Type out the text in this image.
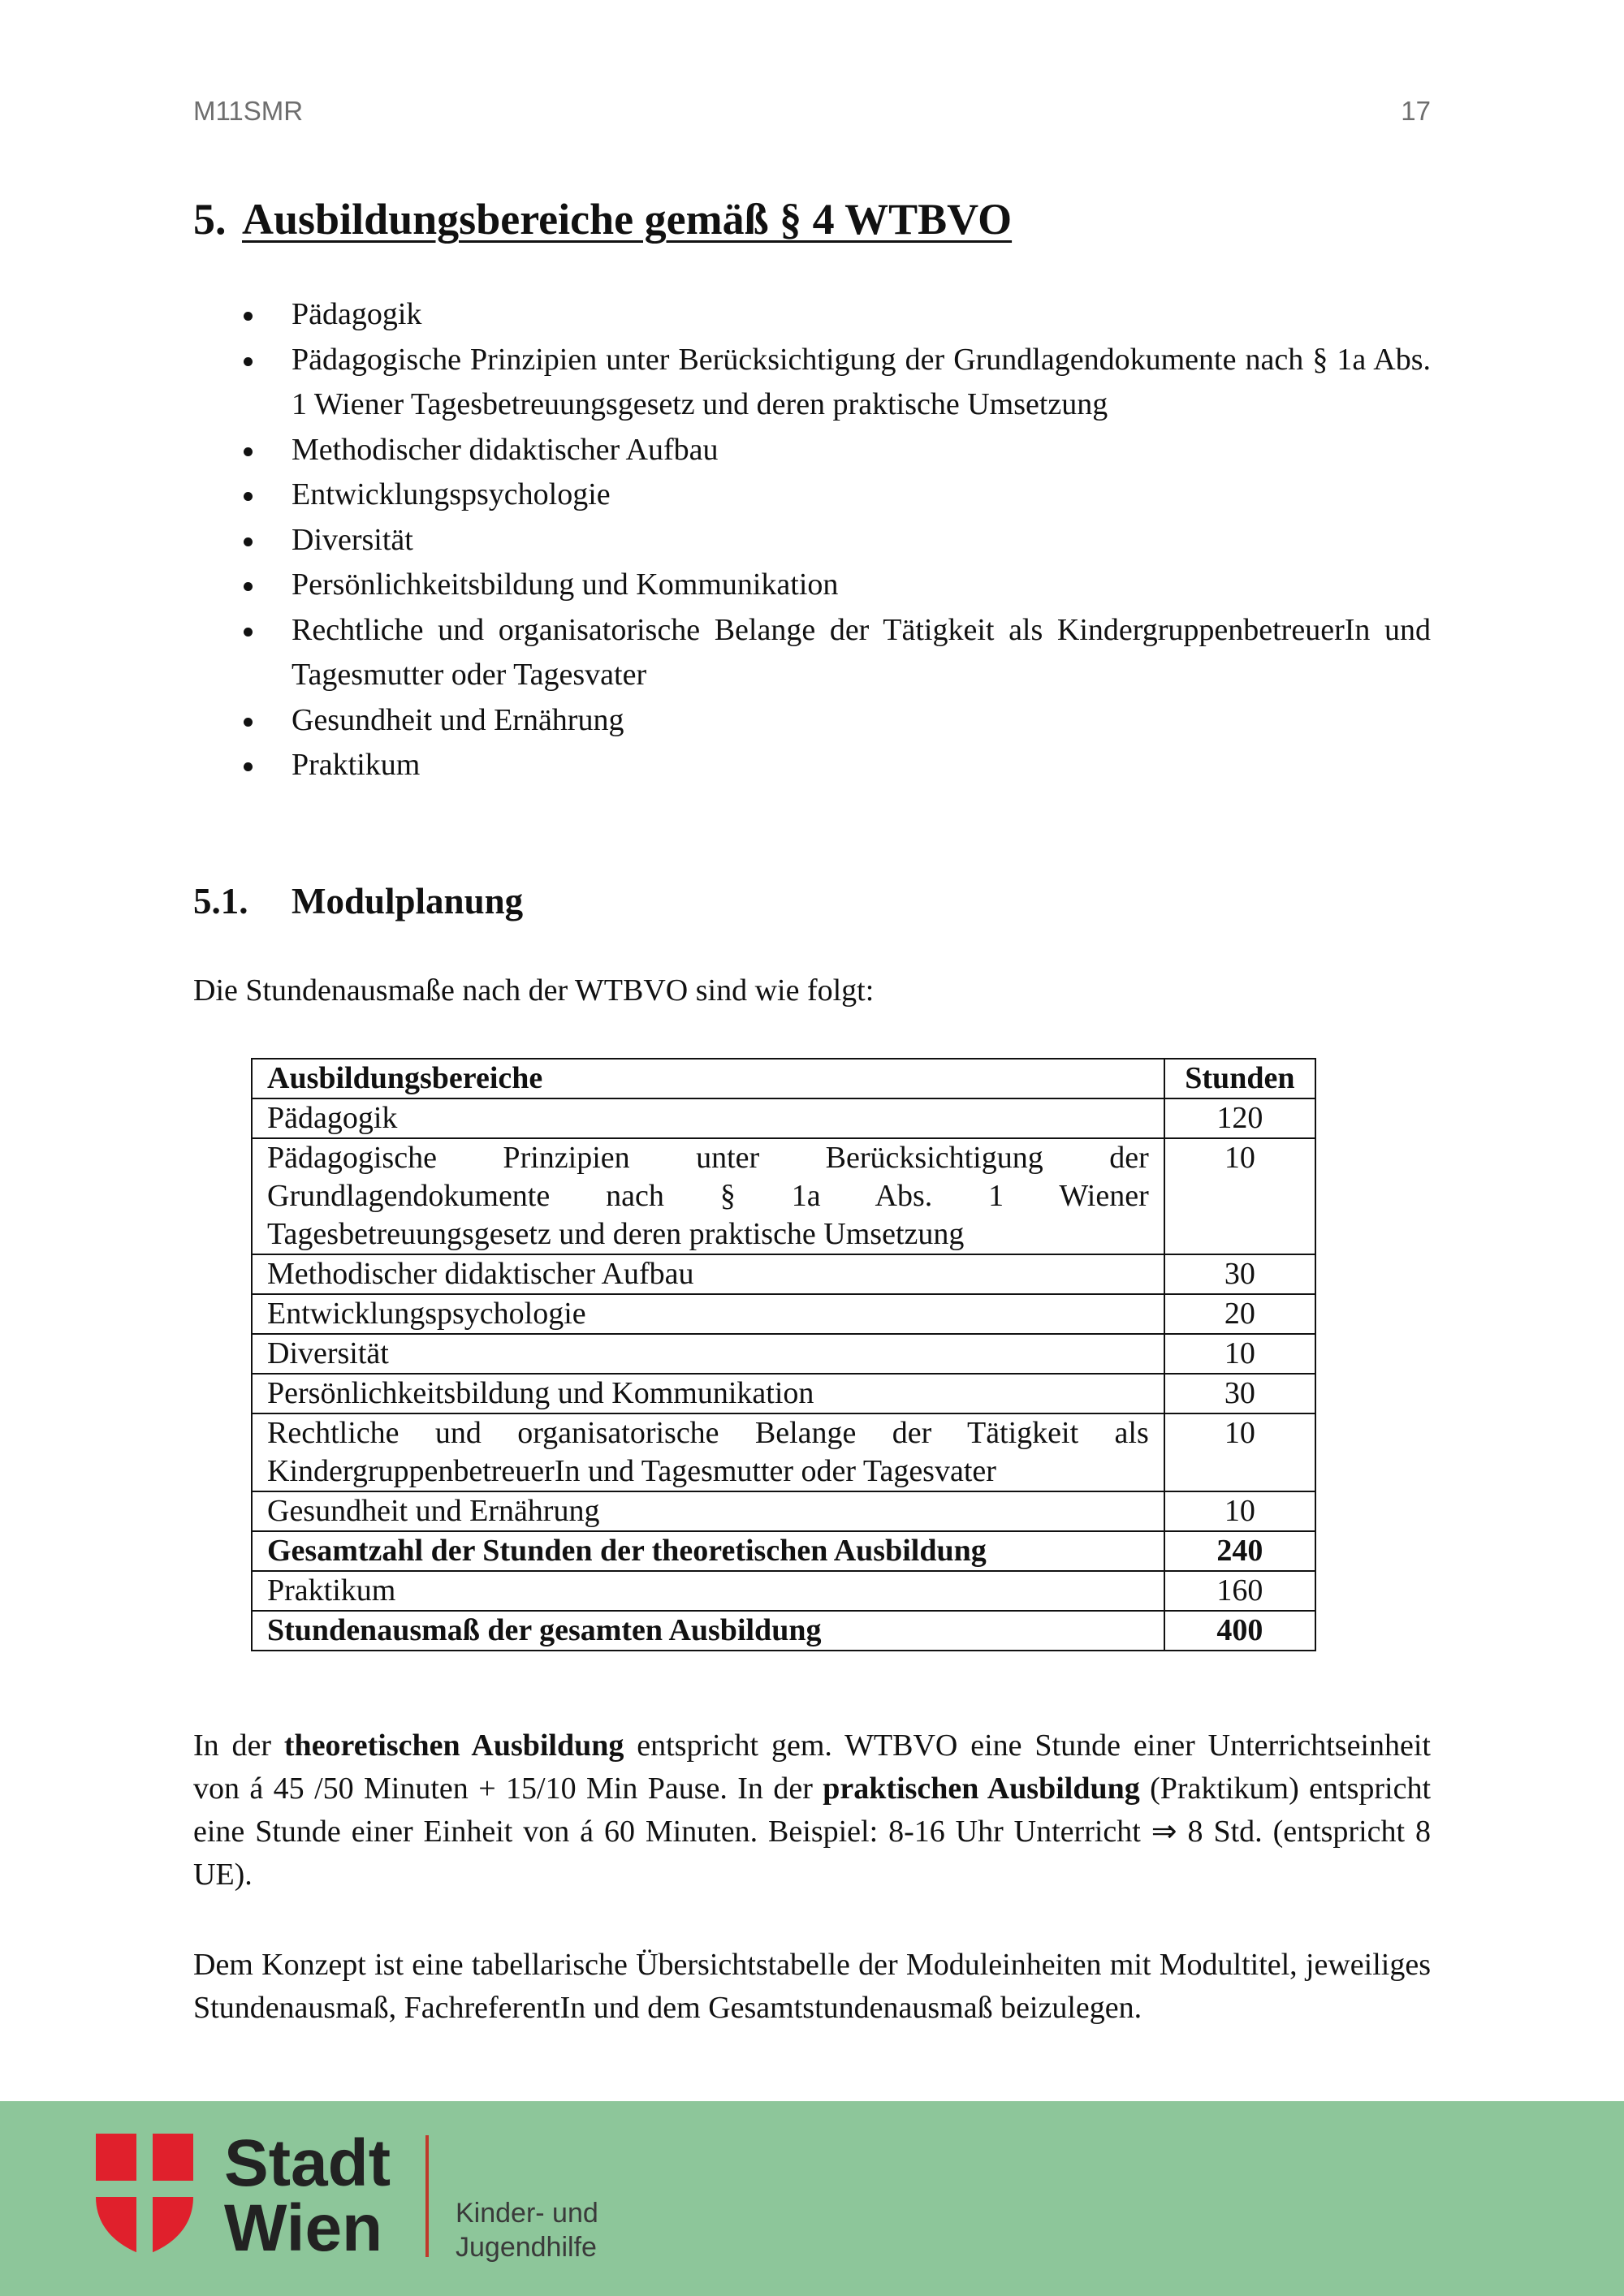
M11SMR	17
5. Ausbildungsbereiche gemäß § 4 WTBVO
Pädagogik
Pädagogische Prinzipien unter Berücksichtigung der Grundlagendokumente nach § 1a Abs. 1 Wiener Tagesbetreuungsgesetz und deren praktische Umsetzung
Methodischer didaktischer Aufbau
Entwicklungspsychologie
Diversität
Persönlichkeitsbildung und Kommunikation
Rechtliche und organisatorische Belange der Tätigkeit als KindergruppenbetreuerIn und Tagesmutter oder Tagesvater
Gesundheit und Ernährung
Praktikum
5.1. Modulplanung
Die Stundenausmaße nach der WTBVO sind wie folgt:
Ausbildungsbereiche	Stunden
Pädagogik	120
Pädagogische Prinzipien unter Berücksichtigung der Grundlagendokumente nach § 1a Abs. 1 Wiener Tagesbetreuungsgesetz und deren praktische Umsetzung	10
Methodischer didaktischer Aufbau	30
Entwicklungspsychologie	20
Diversität	10
Persönlichkeitsbildung und Kommunikation	30
Rechtliche und organisatorische Belange der Tätigkeit als KindergruppenbetreuerIn und Tagesmutter oder Tagesvater	10
Gesundheit und Ernährung	10
Gesamtzahl der Stunden der theoretischen Ausbildung	240
Praktikum	160
Stundenausmaß der gesamten Ausbildung	400

In der theoretischen Ausbildung entspricht gem. WTBVO eine Stunde einer Unterrichtseinheit von á 45 /50 Minuten + 15/10 Min Pause. In der praktischen Ausbildung (Praktikum) entspricht eine Stunde einer Einheit von á 60 Minuten. Beispiel: 8-16 Uhr Unterricht ⇒ 8 Std. (entspricht 8 UE).

Dem Konzept ist eine tabellarische Übersichtstabelle der Moduleinheiten mit Modultitel, jeweiliges Stundenausmaß, FachreferentIn und dem Gesamtstundenausmaß beizulegen.

Stadt
Wien	Kinder- und
Jugendhilfe
